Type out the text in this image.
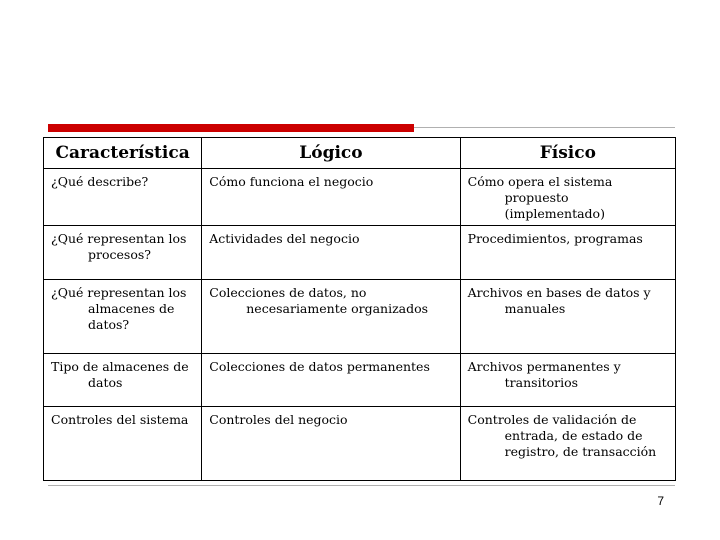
Característica	Lógico	Físico

¿Qué describe?	Cómo funciona el negocio	Cómo opera el sistema propuesto (implementado)

¿Qué representan los procesos?	Actividades del negocio	Procedimientos, programas

¿Qué representan los almacenes de datos?	Colecciones de datos, no necesariamente organizados	Archivos en bases de datos y manuales

Tipo de almacenes de datos	Colecciones de datos permanentes	Archivos permanentes y transitorios

Controles del sistema	Controles del negocio	Controles de validación de entrada, de estado de registro, de transacción
7
